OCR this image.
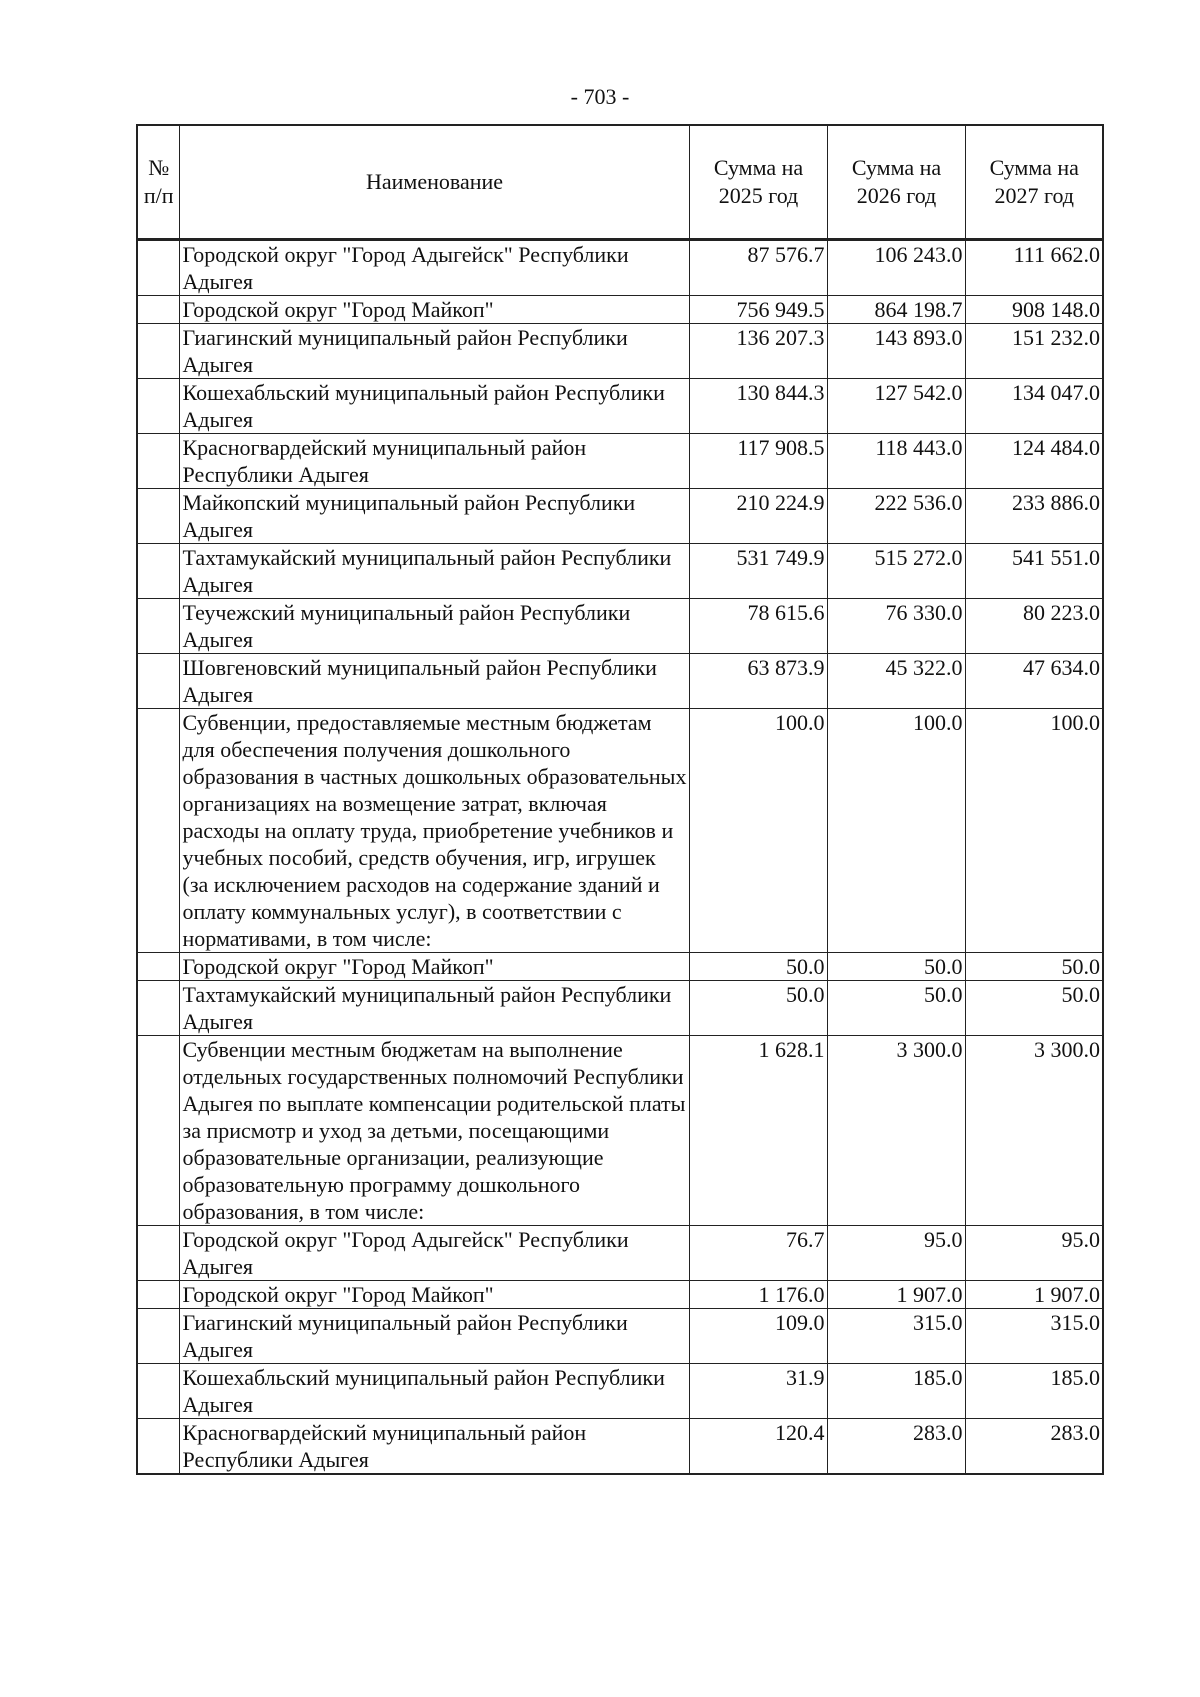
- 703 -
№ п/п	Наименование	Сумма на 2025 год	Сумма на 2026 год	Сумма на 2027 год
	Городской округ "Город Адыгейск" Республики Адыгея	87 576.7	106 243.0	111 662.0
	Городской округ "Город Майкоп"	756 949.5	864 198.7	908 148.0
	Гиагинский муниципальный район Республики Адыгея	136 207.3	143 893.0	151 232.0
	Кошехабльский муниципальный район Республики Адыгея	130 844.3	127 542.0	134 047.0
	Красногвардейский муниципальный район Республики Адыгея	117 908.5	118 443.0	124 484.0
	Майкопский муниципальный район Республики Адыгея	210 224.9	222 536.0	233 886.0
	Тахтамукайский муниципальный район Республики Адыгея	531 749.9	515 272.0	541 551.0
	Теучежский муниципальный район Республики Адыгея	78 615.6	76 330.0	80 223.0
	Шовгеновский муниципальный район Республики Адыгея	63 873.9	45 322.0	47 634.0
	Субвенции, предоставляемые местным бюджетам для обеспечения получения дошкольного образования в частных дошкольных образовательных организациях на возмещение затрат, включая расходы на оплату труда, приобретение учебников и учебных пособий, средств обучения, игр, игрушек (за исключением расходов на содержание зданий и оплату коммунальных услуг), в соответствии с нормативами, в том числе:	100.0	100.0	100.0
	Городской округ "Город Майкоп"	50.0	50.0	50.0
	Тахтамукайский муниципальный район Республики Адыгея	50.0	50.0	50.0
	Субвенции местным бюджетам на выполнение отдельных государственных полномочий Республики Адыгея по выплате компенсации родительской платы за присмотр и уход за детьми, посещающими образовательные организации, реализующие образовательную программу дошкольного образования, в том числе:	1 628.1	3 300.0	3 300.0
	Городской округ "Город Адыгейск" Республики Адыгея	76.7	95.0	95.0
	Городской округ "Город Майкоп"	1 176.0	1 907.0	1 907.0
	Гиагинский муниципальный район Республики Адыгея	109.0	315.0	315.0
	Кошехабльский муниципальный район Республики Адыгея	31.9	185.0	185.0
	Красногвардейский муниципальный район Республики Адыгея	120.4	283.0	283.0
